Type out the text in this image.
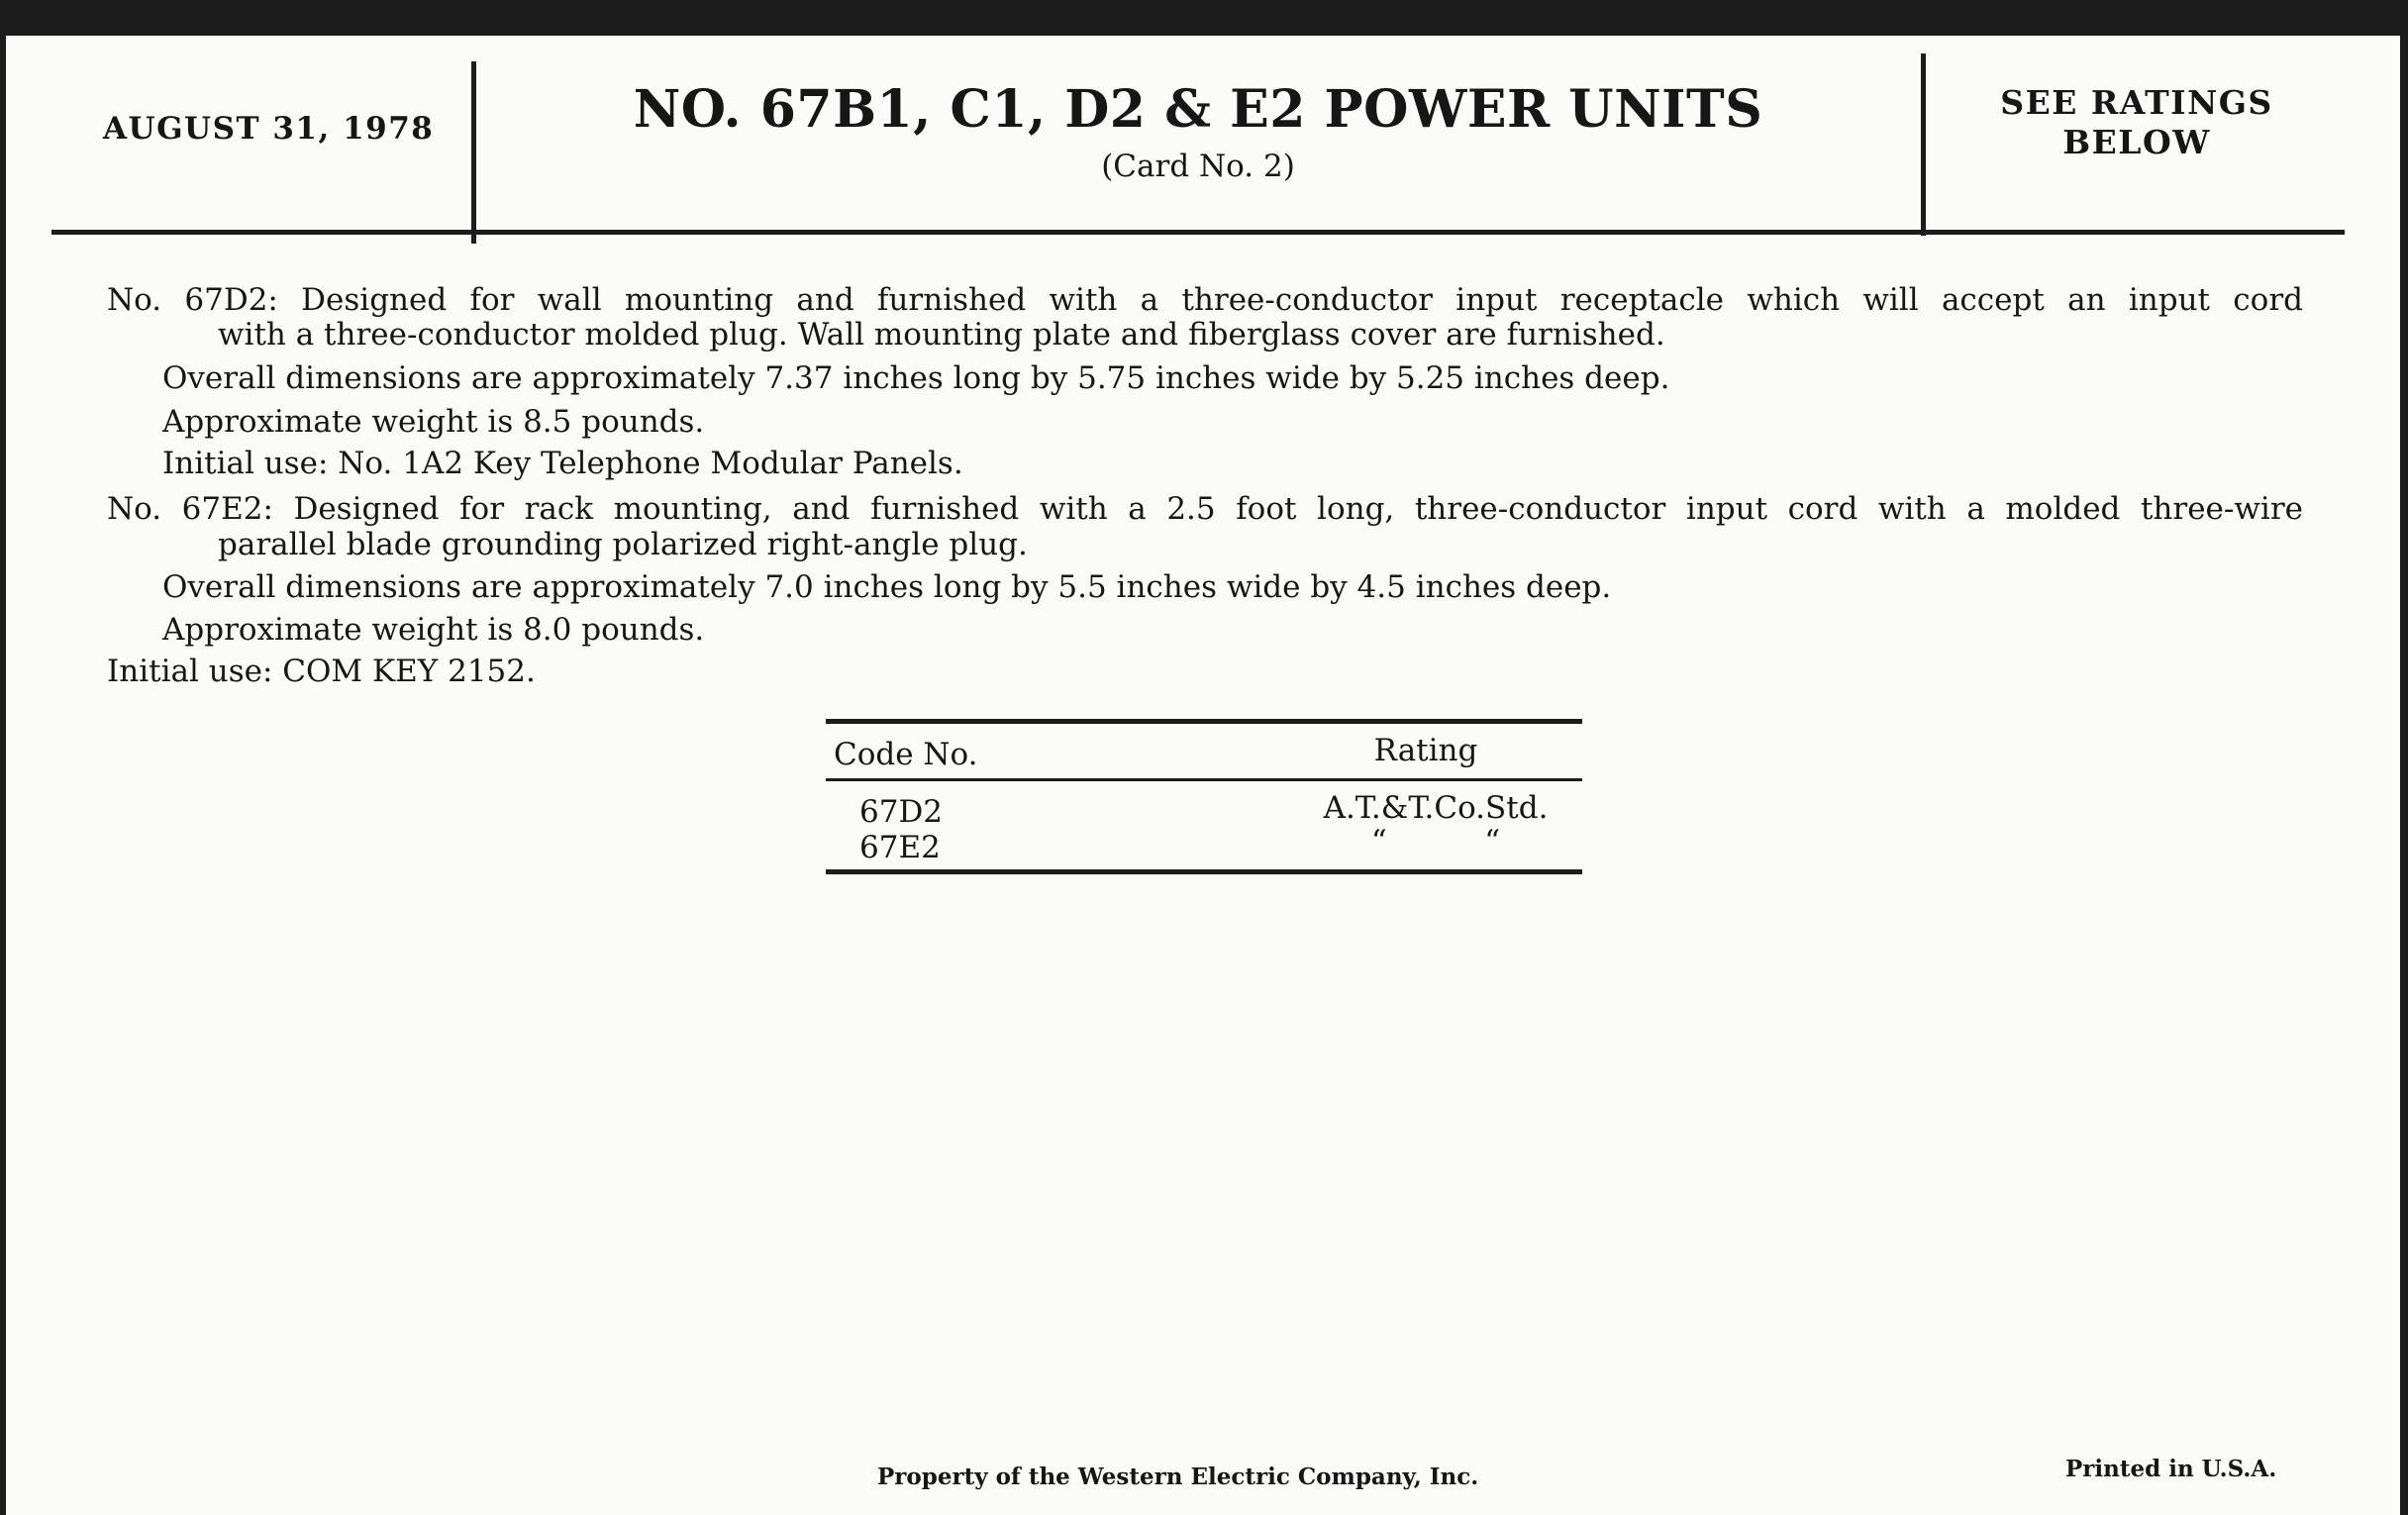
AUGUST 31, 1978	NO. 67B1, C1, D2 & E2 POWER UNITS
(Card No. 2)
SEE RATINGS
BELOW
No. 67D2: Designed for wall mounting and furnished with a three-conductor input receptacle which will accept an input cord
with a three-conductor molded plug. Wall mounting plate and fiberglass cover are furnished.
Overall dimensions are approximately 7.37 inches long by 5.75 inches wide by 5.25 inches deep.
Approximate weight is 8.5 pounds.
Initial use: No. 1A2 Key Telephone Modular Panels.
No. 67E2: Designed for rack mounting, and furnished with a 2.5 foot long, three-conductor input cord with a molded three-wire
parallel blade grounding polarized right-angle plug.
Overall dimensions are approximately 7.0 inches long by 5.5 inches wide by 4.5 inches deep.
Approximate weight is 8.0 pounds.
Initial use: COM KEY 2152.
Code No.	Rating
67D2	A.T.&T.Co.Std.
67E2	“          “
Property of the Western Electric Company, Inc.	Printed in U.S.A.
